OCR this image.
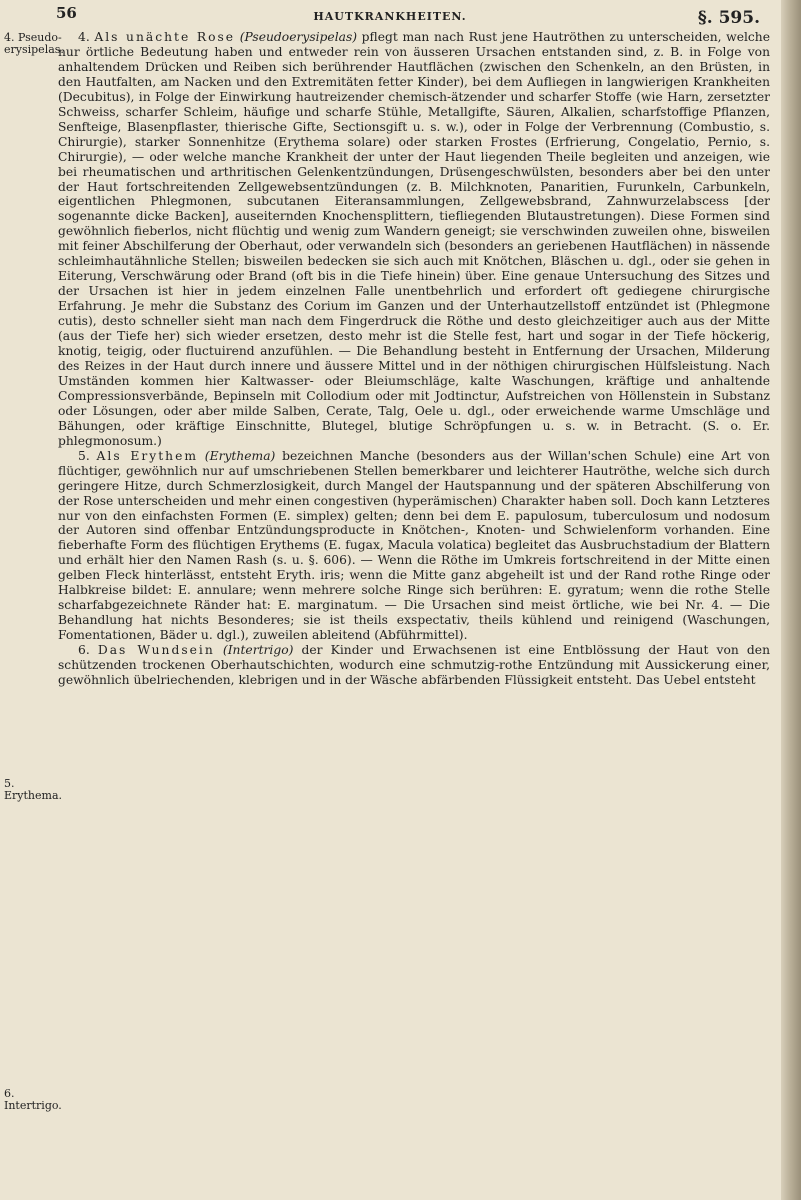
56	HAUTKRANKHEITEN.	§. 595.
4. Pseudo-erysipelas.
5. Erythema.
6. Intertrigo.

4. Als unächte Rose (Pseudoerysipelas) pflegt man nach Rust jene Hautröthen zu unterscheiden, welche nur örtliche Bedeutung haben und entweder rein von äusseren Ursachen entstanden sind, z. B. in Folge von anhaltendem Drücken und Reiben sich berührender Hautflächen (zwischen den Schenkeln, an den Brüsten, in den Hautfalten, am Nacken und den Extremitäten fetter Kinder), bei dem Aufliegen in langwierigen Krankheiten (Decubitus), in Folge der Einwirkung hautreizender chemisch-ätzender und scharfer Stoffe (wie Harn, zersetzter Schweiss, scharfer Schleim, häufige und scharfe Stühle, Metallgifte, Säuren, Alkalien, scharfstoffige Pflanzen, Senfteige, Blasenpflaster, thierische Gifte, Sectionsgift u. s. w.), oder in Folge der Verbrennung (Combustio, s. Chirurgie), starker Sonnenhitze (Erythema solare) oder starken Frostes (Erfrierung, Congelatio, Pernio, s. Chirurgie), — oder welche manche Krankheit der unter der Haut liegenden Theile begleiten und anzeigen, wie bei rheumatischen und arthritischen Gelenkentzündungen, Drüsengeschwülsten, besonders aber bei den unter der Haut fortschreitenden Zellgewebsentzündungen (z. B. Milchknoten, Panaritien, Furunkeln, Carbunkeln, eigentlichen Phlegmonen, subcutanen Eiteransammlungen, Zellgewebsbrand, Zahnwurzelabscess [der sogenannte dicke Backen], auseiternden Knochensplittern, tiefliegenden Blutaustretungen). Diese Formen sind gewöhnlich fieberlos, nicht flüchtig und wenig zum Wandern geneigt; sie verschwinden zuweilen ohne, bisweilen mit feiner Abschilferung der Oberhaut, oder verwandeln sich (besonders an geriebenen Hautflächen) in nässende schleimhautähnliche Stellen; bisweilen bedecken sie sich auch mit Knötchen, Bläschen u. dgl., oder sie gehen in Eiterung, Verschwärung oder Brand (oft bis in die Tiefe hinein) über. Eine genaue Untersuchung des Sitzes und der Ursachen ist hier in jedem einzelnen Falle unentbehrlich und erfordert oft gediegene chirurgische Erfahrung. Je mehr die Substanz des Corium im Ganzen und der Unterhautzellstoff entzündet ist (Phlegmone cutis), desto schneller sieht man nach dem Fingerdruck die Röthe und desto gleichzeitiger auch aus der Mitte (aus der Tiefe her) sich wieder ersetzen, desto mehr ist die Stelle fest, hart und sogar in der Tiefe höckerig, knotig, teigig, oder fluctuirend anzufühlen. — Die Behandlung besteht in Entfernung der Ursachen, Milderung des Reizes in der Haut durch innere und äussere Mittel und in der nöthigen chirurgischen Hülfsleistung. Nach Umständen kommen hier Kaltwasser- oder Bleiumschläge, kalte Waschungen, kräftige und anhaltende Compressionsverbände, Bepinseln mit Collodium oder mit Jodtinctur, Aufstreichen von Höllenstein in Substanz oder Lösungen, oder aber milde Salben, Cerate, Talg, Oele u. dgl., oder erweichende warme Umschläge und Bähungen, oder kräftige Einschnitte, Blutegel, blutige Schröpfungen u. s. w. in Betracht. (S. o. Er. phlegmonosum.)

5. Als Erythem (Erythema) bezeichnen Manche (besonders aus der Willan'schen Schule) eine Art von flüchtiger, gewöhnlich nur auf umschriebenen Stellen bemerkbarer und leichterer Hautröthe, welche sich durch geringere Hitze, durch Schmerzlosigkeit, durch Mangel der Hautspannung und der späteren Abschilferung von der Rose unterscheiden und mehr einen congestiven (hyperämischen) Charakter haben soll. Doch kann Letzteres nur von den einfachsten Formen (E. simplex) gelten; denn bei dem E. papulosum, tuberculosum und nodosum der Autoren sind offenbar Entzündungsproducte in Knötchen-, Knoten- und Schwielenform vorhanden. Eine fieberhafte Form des flüchtigen Erythems (E. fugax, Macula volatica) begleitet das Ausbruchstadium der Blattern und erhält hier den Namen Rash (s. u. §. 606). — Wenn die Röthe im Umkreis fortschreitend in der Mitte einen gelben Fleck hinterlässt, entsteht Eryth. iris; wenn die Mitte ganz abgeheilt ist und der Rand rothe Ringe oder Halbkreise bildet: E. annulare; wenn mehrere solche Ringe sich berühren: E. gyratum; wenn die rothe Stelle scharfabgezeichnete Ränder hat: E. marginatum. — Die Ursachen sind meist örtliche, wie bei Nr. 4. — Die Behandlung hat nichts Besonderes; sie ist theils exspectativ, theils kühlend und reinigend (Waschungen, Fomentationen, Bäder u. dgl.), zuweilen ableitend (Abführmittel).

6. Das Wundsein (Intertrigo) der Kinder und Erwachsenen ist eine Entblössung der Haut von den schützenden trockenen Oberhautschichten, wodurch eine schmutzig-rothe Entzündung mit Aussickerung einer, gewöhnlich übelriechenden, klebrigen und in der Wäsche abfärbenden Flüssigkeit entsteht. Das Uebel entsteht
